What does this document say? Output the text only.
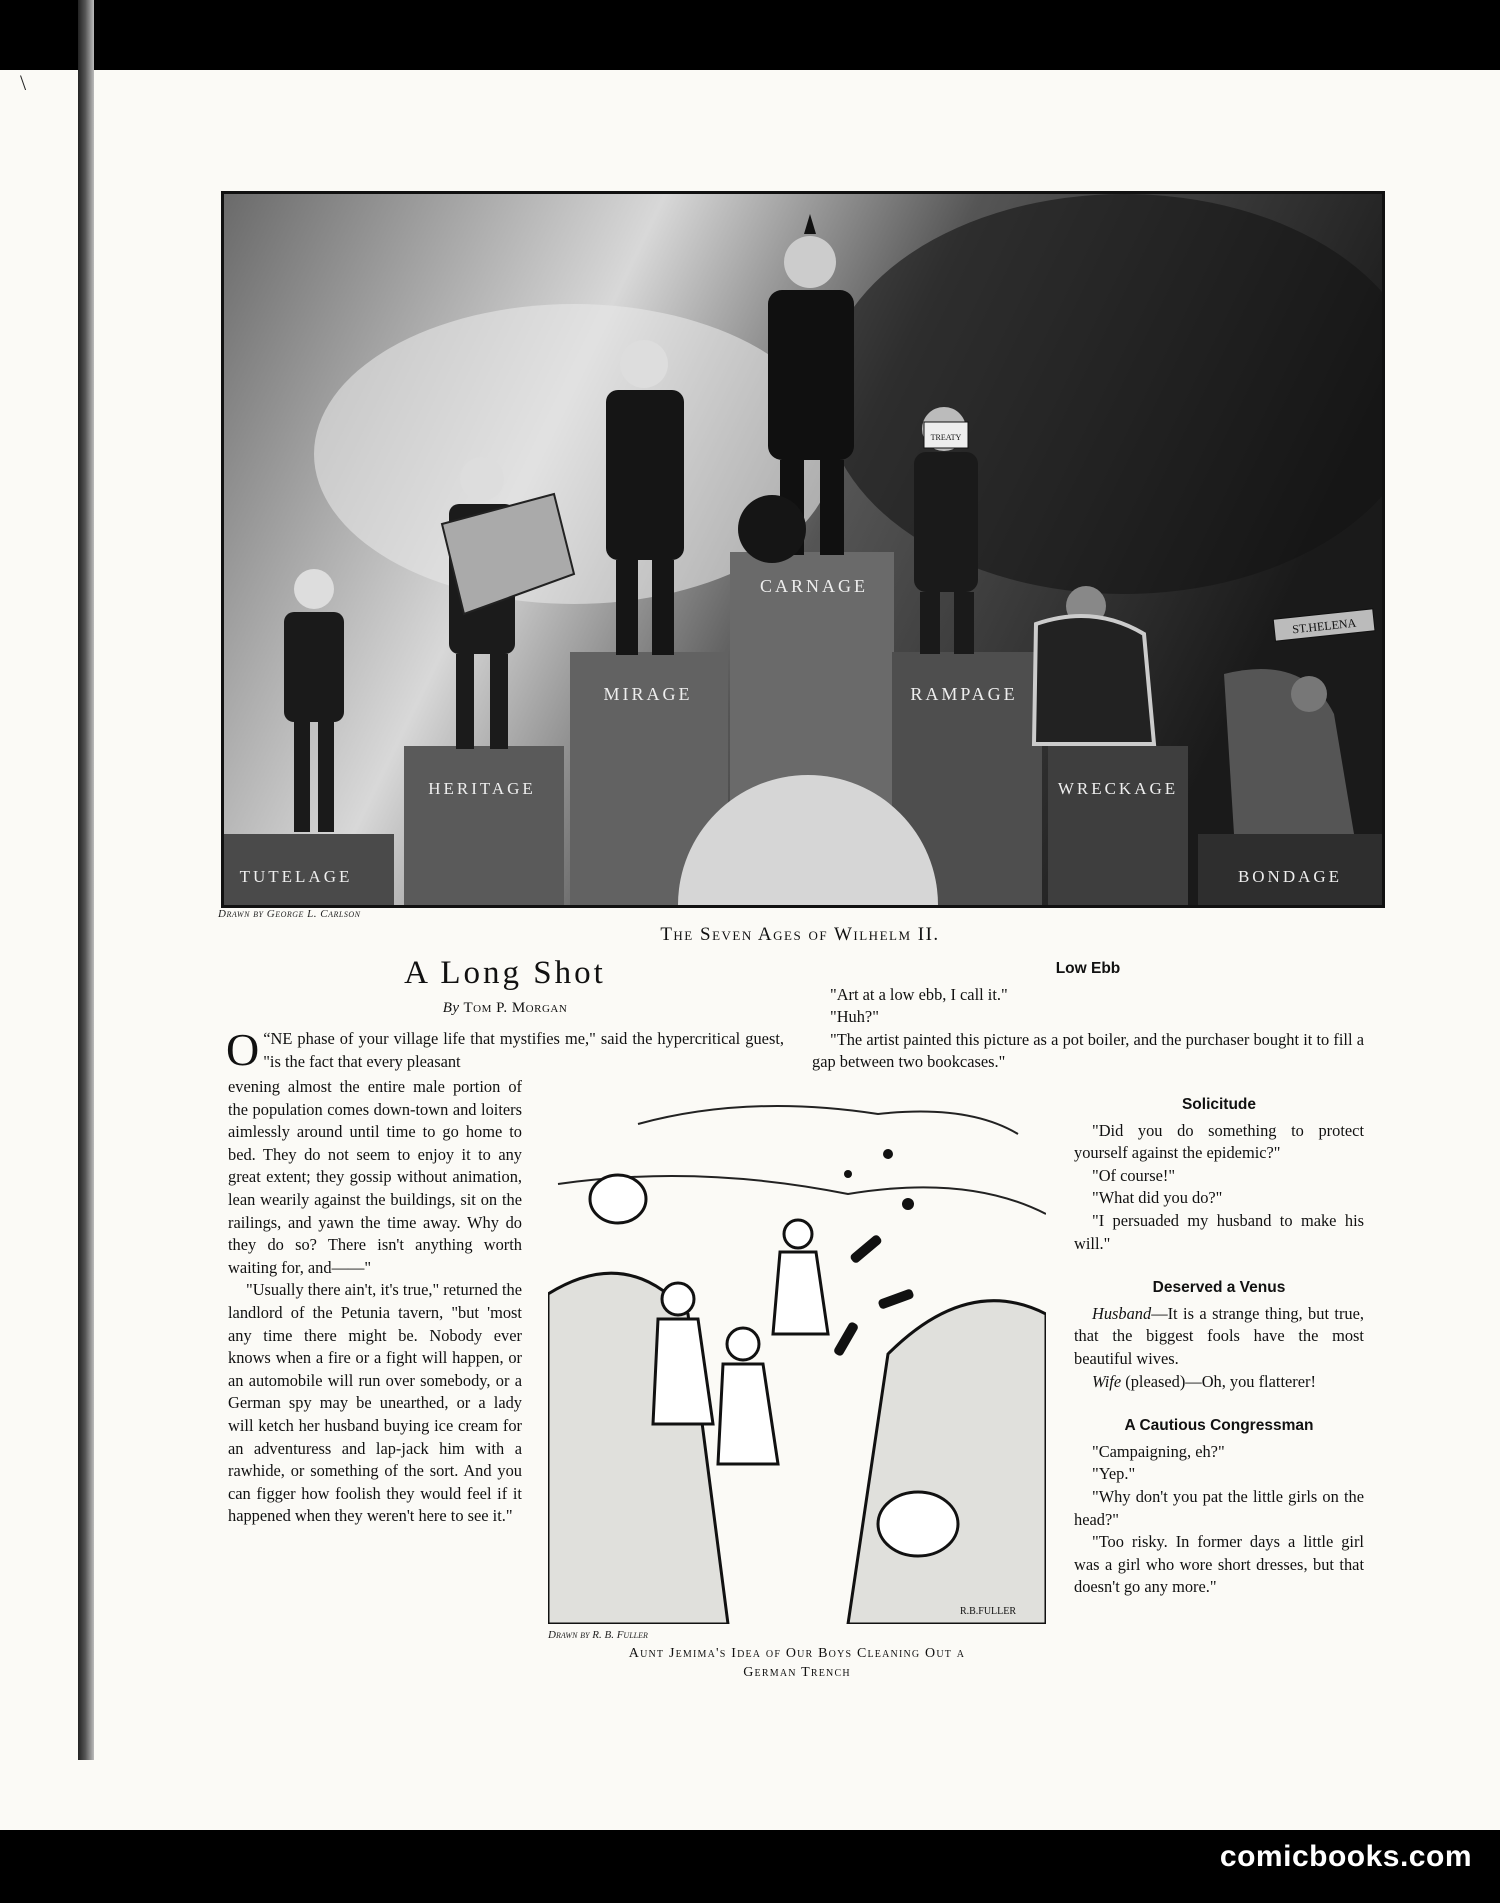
\
TUTELAGE
HERITAGE
MIRAGE
CARNAGE
RAMPAGE
WRECKAGE
BONDAGE
TREATY
ST.HELENA
Drawn by George L. Carlson
The Seven Ages of Wilhelm II.
A Long Shot
By Tom P. Morgan
“
O NE phase of your village life that mystifies me," said the hypercritical guest, "is the fact that every pleasant

evening almost the entire male portion of the population comes down-town and loiters aimlessly around until time to go home to bed. They do not seem to enjoy it to any great extent; they gossip without animation, lean wearily against the buildings, sit on the railings, and yawn the time away. Why do they do so? There isn't anything worth waiting for, and——"

"Usually there ain't, it's true," returned the landlord of the Petunia tavern, "but 'most any time there might be. Nobody ever knows when a fire or a fight will happen, or an automobile will run over somebody, or a German spy may be unearthed, or a lady will ketch her husband buying ice cream for an adventuress and lap-jack him with a rawhide, or something of the sort. And you can figger how foolish they would feel if it happened when they weren't here to see it."

Low Ebb

"Art at a low ebb, I call it."

"Huh?"

"The artist painted this picture as a pot boiler, and the purchaser bought it to fill a gap between two bookcases."

R.B.FULLER
Drawn by R. B. Fuller
Aunt Jemima's Idea of Our Boys Cleaning Out a
German Trench
Solicitude

"Did you do something to protect yourself against the epidemic?"

"Of course!"

"What did you do?"

"I persuaded my husband to make his will."

Deserved a Venus

Husband—It is a strange thing, but true, that the biggest fools have the most beautiful wives.

Wife (pleased)—Oh, you flatterer!

A Cautious Congressman

"Campaigning, eh?"

"Yep."

"Why don't you pat the little girls on the head?"

"Too risky. In former days a little girl was a girl who wore short dresses, but that doesn't go any more."

comicbooks.com
